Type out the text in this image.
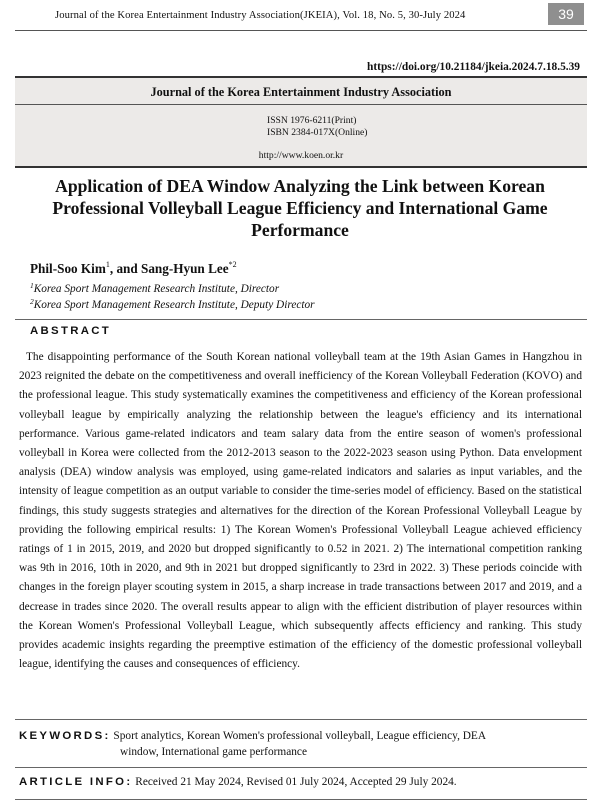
Journal of the Korea Entertainment Industry Association(JKEIA), Vol. 18, No. 5, 30-July 2024	39
https://doi.org/10.21184/jkeia.2024.7.18.5.39
Journal of the Korea Entertainment Industry Association
ISSN 1976-6211(Print)
ISBN 2384-017X(Online)
http://www.koen.or.kr
Application of DEA Window Analyzing the Link between Korean Professional Volleyball League Efficiency and International Game Performance
Phil-Soo Kim$^1$, and Sang-Hyun Lee$^{*2}$
$^1$Korea Sport Management Research Institute, Director
$^2$Korea Sport Management Research Institute, Deputy Director
ABSTRACT

The disappointing performance of the South Korean national volleyball team at the 19th Asian Games in Hangzhou in 2023 reignited the debate on the competitiveness and overall inefficiency of the Korean Volleyball Federation (KOVO) and the professional league. This study systematically examines the competitiveness and efficiency of the Korean professional volleyball league by empirically analyzing the relationship between the league's efficiency and its international performance. Various game-related indicators and team salary data from the entire season of women's professional volleyball in Korea were collected from the 2012-2013 season to the 2022-2023 season using Python. Data envelopment analysis (DEA) window analysis was employed, using game-related indicators and salaries as input variables, and the intensity of league competition as an output variable to consider the time-series model of efficiency. Based on the statistical findings, this study suggests strategies and alternatives for the direction of the Korean Professional Volleyball League by providing the following empirical results: 1) The Korean Women's Professional Volleyball League achieved efficiency ratings of 1 in 2015, 2019, and 2020 but dropped significantly to 0.52 in 2021. 2) The international competition ranking was 9th in 2016, 10th in 2020, and 9th in 2021 but dropped significantly to 23rd in 2022. 3) These periods coincide with changes in the foreign player scouting system in 2015, a sharp increase in trade transactions between 2017 and 2019, and a decrease in trades since 2020. The overall results appear to align with the efficient distribution of player resources within the Korean Women's Professional Volleyball League, which subsequently affects efficiency and ranking. This study provides academic insights regarding the preemptive estimation of the efficiency of the domestic professional volleyball league, identifying the causes and consequences of efficiency.

KEYWORDS: Sport analytics, Korean Women's professional volleyball, League efficiency, DEA
window, International game performance
ARTICLE INFO: Received 21 May 2024, Revised 01 July 2024, Accepted 29 July 2024.
